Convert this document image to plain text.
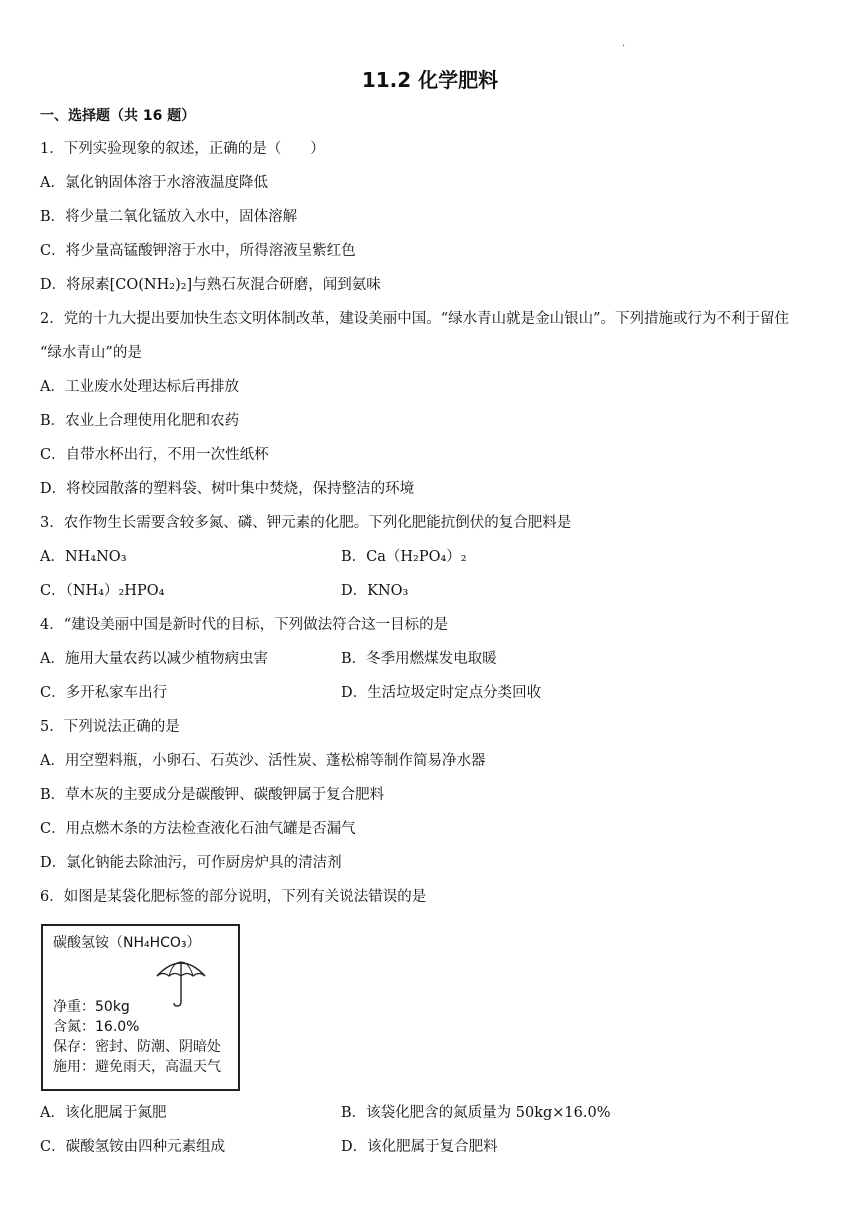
.
11.2 化学肥料
一、选择题（共 16 题）
1．下列实验现象的叙述，正确的是（　　）
A．氯化钠固体溶于水溶液温度降低
B．将少量二氧化锰放入水中，固体溶解
C．将少量高锰酸钾溶于水中，所得溶液呈紫红色
D．将尿素[CO(NH₂)₂]与熟石灰混合研磨，闻到氨味
2．党的十九大提出要加快生态文明体制改革，建设美丽中国。“绿水青山就是金山银山”。下列措施或行为不利于留住
“绿水青山”的是
A．工业废水处理达标后再排放
B．农业上合理使用化肥和农药
C．自带水杯出行，不用一次性纸杯
D．将校园散落的塑料袋、树叶集中焚烧，保持整洁的环境
3．农作物生长需要含较多氮、磷、钾元素的化肥。下列化肥能抗倒伏的复合肥料是
A．NH₄NO₃	B．Ca（H₂PO₄）₂
C．（NH₄）₂HPO₄	D．KNO₃
4．“建设美丽中国是新时代的目标，下列做法符合这一目标的是
A．施用大量农药以减少植物病虫害	B．冬季用燃煤发电取暖
C．多开私家车出行	D．生活垃圾定时定点分类回收
5．下列说法正确的是
A．用空塑料瓶，小卵石、石英沙、活性炭、蓬松棉等制作简易净水器
B．草木灰的主要成分是碳酸钾、碳酸钾属于复合肥料
C．用点燃木条的方法检查液化石油气罐是否漏气
D．氯化钠能去除油污，可作厨房炉具的清洁剂
6．如图是某袋化肥标签的部分说明，下列有关说法错误的是
碳酸氢铵（NH₄HCO₃）
净重：50kg
含氮：16.0%
保存：密封、防潮、阴暗处
施用：避免雨天，高温天气
A．该化肥属于氮肥	B．该袋化肥含的氮质量为 50kg×16.0%
C．碳酸氢铵由四种元素组成	D．该化肥属于复合肥料
